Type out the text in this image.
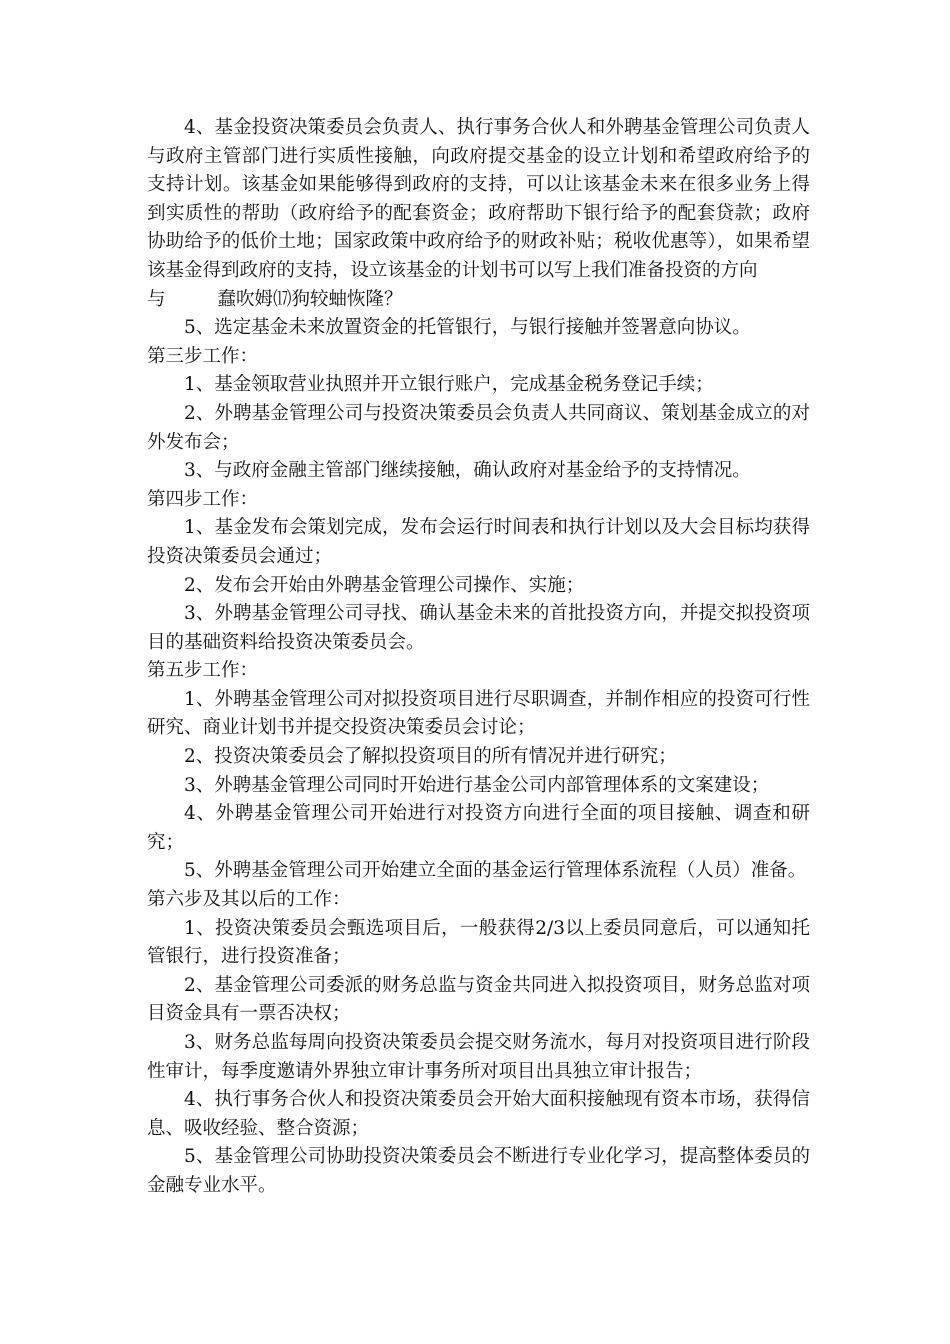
4、基金投资决策委员会负责人、执行事务合伙人和外聘基金管理公司负责人与政府主管部门进行实质性接触，向政府提交基金的设立计划和希望政府给予的支持计划。该基金如果能够得到政府的支持，可以让该基金未来在很多业务上得到实质性的帮助（政府给予的配套资金；政府帮助下银行给予的配套贷款；政府协助给予的低价土地；国家政策中政府给予的财政补贴；税收优惠等），如果希望该基金得到政府的支持，设立该基金的计划书可以写上我们准备投资的方向

与	蠢吹姆⒄狗较蚰恢隆？

5、选定基金未来放置资金的托管银行，与银行接触并签署意向协议。

第三步工作：

1、基金领取营业执照并开立银行账户，完成基金税务登记手续；

2、外聘基金管理公司与投资决策委员会负责人共同商议、策划基金成立的对外发布会；

3、与政府金融主管部门继续接触，确认政府对基金给予的支持情况。

第四步工作：

1、基金发布会策划完成，发布会运行时间表和执行计划以及大会目标均获得投资决策委员会通过；

2、发布会开始由外聘基金管理公司操作、实施；

3、外聘基金管理公司寻找、确认基金未来的首批投资方向，并提交拟投资项目的基础资料给投资决策委员会。

第五步工作：

1、外聘基金管理公司对拟投资项目进行尽职调查，并制作相应的投资可行性研究、商业计划书并提交投资决策委员会讨论；

2、投资决策委员会了解拟投资项目的所有情况并进行研究；

3、外聘基金管理公司同时开始进行基金公司内部管理体系的文案建设；

4、外聘基金管理公司开始进行对投资方向进行全面的项目接触、调查和研究；

5、外聘基金管理公司开始建立全面的基金运行管理体系流程（人员）准备。

第六步及其以后的工作：

1、投资决策委员会甄选项目后，一般获得2/3以上委员同意后，可以通知托管银行，进行投资准备；

2、基金管理公司委派的财务总监与资金共同进入拟投资项目，财务总监对项目资金具有一票否决权；

3、财务总监每周向投资决策委员会提交财务流水，每月对投资项目进行阶段性审计，每季度邀请外界独立审计事务所对项目出具独立审计报告；

4、执行事务合伙人和投资决策委员会开始大面积接触现有资本市场，获得信息、吸收经验、整合资源；

5、基金管理公司协助投资决策委员会不断进行专业化学习，提高整体委员的金融专业水平。
